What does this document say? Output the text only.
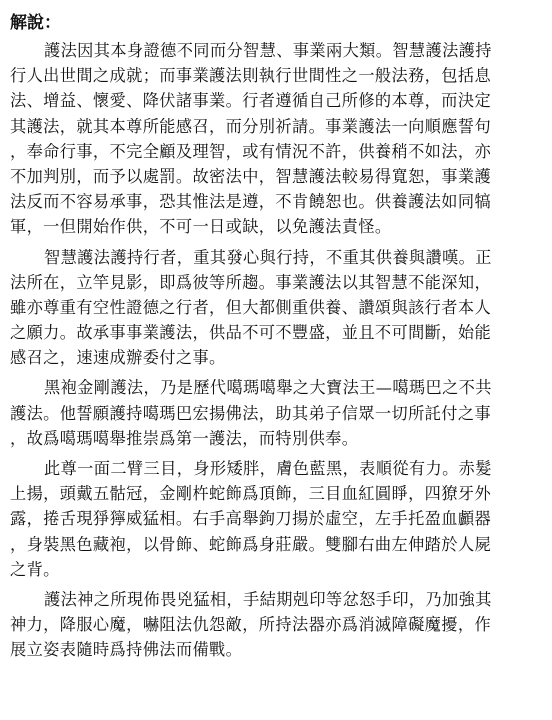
解說：
護法因其本身證德不同而分智慧、事業兩大類。智慧護法護持
行人出世間之成就；而事業護法則執行世間性之一般法務，包括息
法、增益、懷愛、降伏諸事業。行者遵循自己所修的本尊，而決定
其護法，就其本尊所能感召，而分別祈請。事業護法一向順應誓句
，奉命行事，不完全顧及理智，或有情況不許，供養稍不如法，亦
不加判別，而予以處罰。故密法中，智慧護法較易得寬恕，事業護
法反而不容易承事，恐其惟法是遵，不肯饒恕也。供養護法如同犒
軍，一但開始作供，不可一日或缺，以免護法責怪。
智慧護法護持行者，重其發心與行持，不重其供養與讚嘆。正
法所在，立竿見影，即爲彼等所趨。事業護法以其智慧不能深知，
雖亦尊重有空性證德之行者，但大都側重供養、讚頌與該行者本人
之願力。故承事事業護法，供品不可不豐盛，並且不可間斷，始能
感召之，速速成辦委付之事。
黑袍金剛護法，乃是歷代噶瑪噶舉之大寶法王—噶瑪巴之不共
護法。他誓願護持噶瑪巴宏揚佛法，助其弟子信眾一切所託付之事
，故爲噶瑪噶舉推崇爲第一護法，而特別供奉。
此尊一面二臂三目，身形矮胖，膚色藍黑，表順從有力。赤髮
上揚，頭戴五骷冠，金剛杵蛇飾爲頂飾，三目血紅圓睜，四獠牙外
露，捲舌現猙獰威猛相。右手高舉鉤刀揚於虛空，左手托盈血顱器
，身裝黑色藏袍，以骨飾、蛇飾爲身莊嚴。雙腳右曲左伸踏於人屍
之背。
護法神之所現佈畏兇猛相，手結期剋印等忿怒手印，乃加強其
神力，降服心魔，嚇阻法仇怨敵，所持法器亦爲消滅障礙魔擾，作
展立姿表隨時爲持佛法而備戰。
